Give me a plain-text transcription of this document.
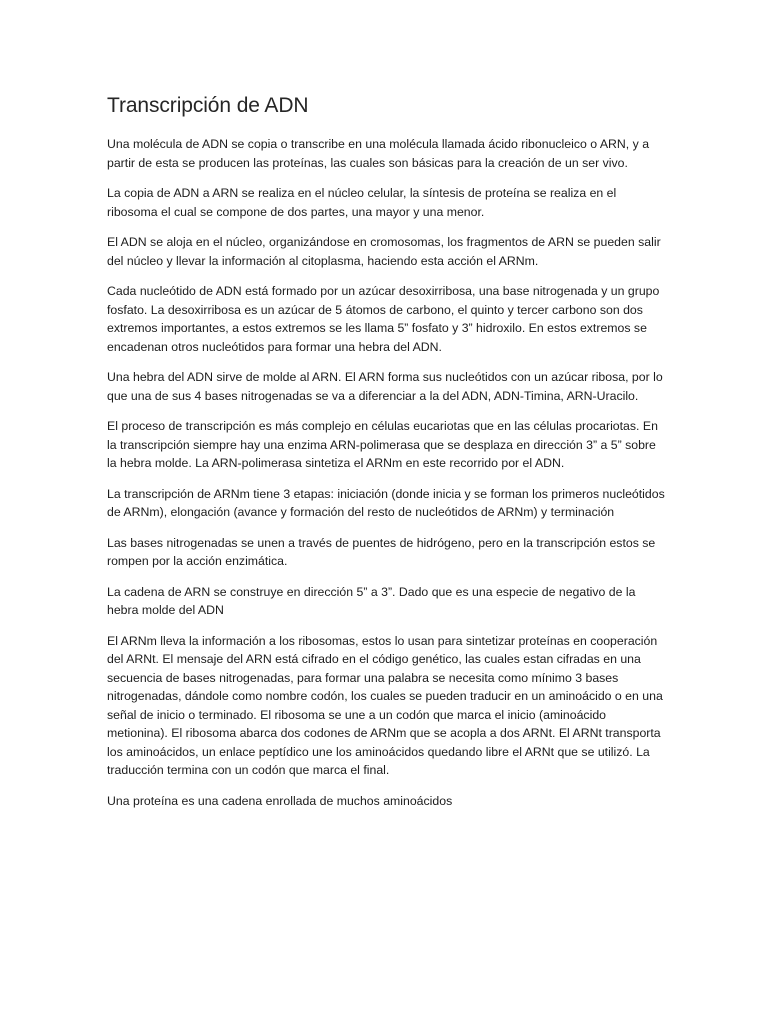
Transcripción de ADN

Una molécula de ADN se copia o transcribe en una molécula llamada ácido ribonucleico o ARN, y a partir de esta se producen las proteínas, las cuales son básicas para la creación de un ser vivo.

La copia de ADN a ARN se realiza en el núcleo celular, la síntesis de proteína se realiza en el ribosoma el cual se compone de dos partes, una mayor y una menor.

El ADN se aloja en el núcleo, organizándose en cromosomas, los fragmentos de ARN se pueden salir del núcleo y llevar la información al citoplasma, haciendo esta acción el ARNm.

Cada nucleótido de ADN está formado por un azúcar desoxirribosa, una base nitrogenada y un grupo fosfato. La desoxirribosa es un azúcar de 5 átomos de carbono, el quinto y tercer carbono son dos extremos importantes, a estos extremos se les llama 5” fosfato y 3” hidroxilo. En estos extremos se encadenan otros nucleótidos para formar una hebra del ADN.

Una hebra del ADN sirve de molde al ARN. El ARN forma sus nucleótidos con un azúcar ribosa, por lo que una de sus 4 bases nitrogenadas se va a diferenciar a la del ADN, ADN-Timina, ARN-Uracilo.

El proceso de transcripción es más complejo en células eucariotas que en las células procariotas. En la transcripción siempre hay una enzima ARN-polimerasa que se desplaza en dirección 3” a 5” sobre la hebra molde. La ARN-polimerasa sintetiza el ARNm en este recorrido por el ADN.

La transcripción de ARNm tiene 3 etapas: iniciación (donde inicia y se forman los primeros nucleótidos de ARNm), elongación (avance y formación del resto de nucleótidos de ARNm) y terminación

Las bases nitrogenadas se unen a través de puentes de hidrógeno, pero en la transcripción estos se rompen por la acción enzimática.

La cadena de ARN se construye en dirección 5” a 3”. Dado que es una especie de negativo de la hebra molde del ADN

El ARNm lleva la información a los ribosomas, estos lo usan para sintetizar proteínas en cooperación del ARNt. El mensaje del ARN está cifrado en el código genético, las cuales estan cifradas en una secuencia de bases nitrogenadas, para formar una palabra se necesita como mínimo 3 bases nitrogenadas, dándole como nombre codón, los cuales se pueden traducir en un aminoácido o en una señal de inicio o terminado. El ribosoma se une a un codón que marca el inicio (aminoácido metionina). El ribosoma abarca dos codones de ARNm que se acopla a dos ARNt. El ARNt transporta los aminoácidos, un enlace peptídico une los aminoácidos quedando libre el ARNt que se utilizó. La traducción termina con un codón que marca el final.

Una proteína es una cadena enrollada de muchos aminoácidos
